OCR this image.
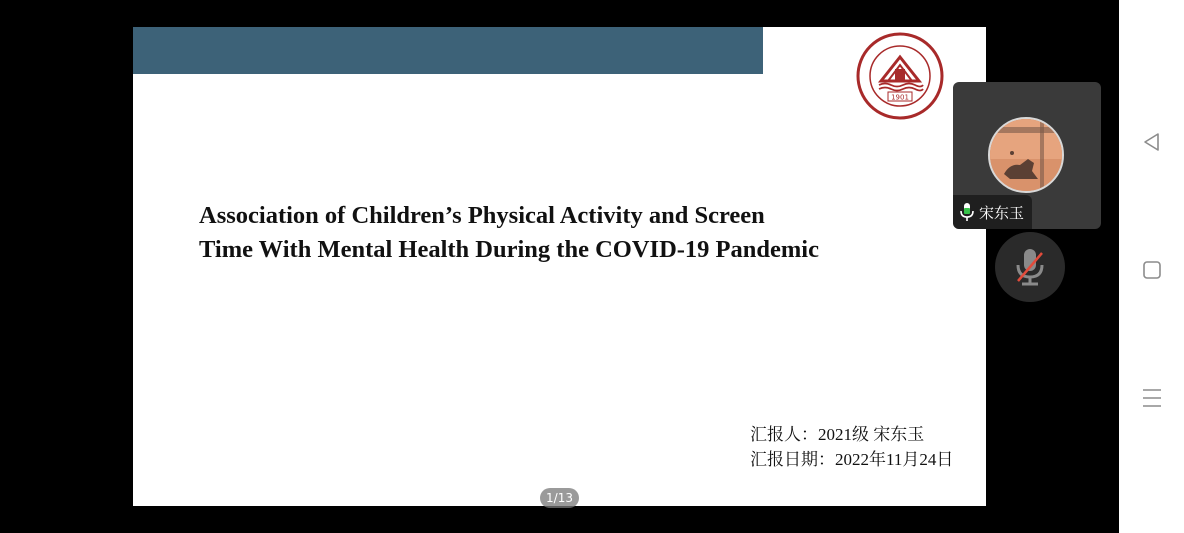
1901
Association of Children’s Physical Activity and Screen
Time With Mental Health During the COVID-19 Pandemic
汇报人：2021级 宋东玉
汇报日期：2022年11月24日
1/13
宋东玉
